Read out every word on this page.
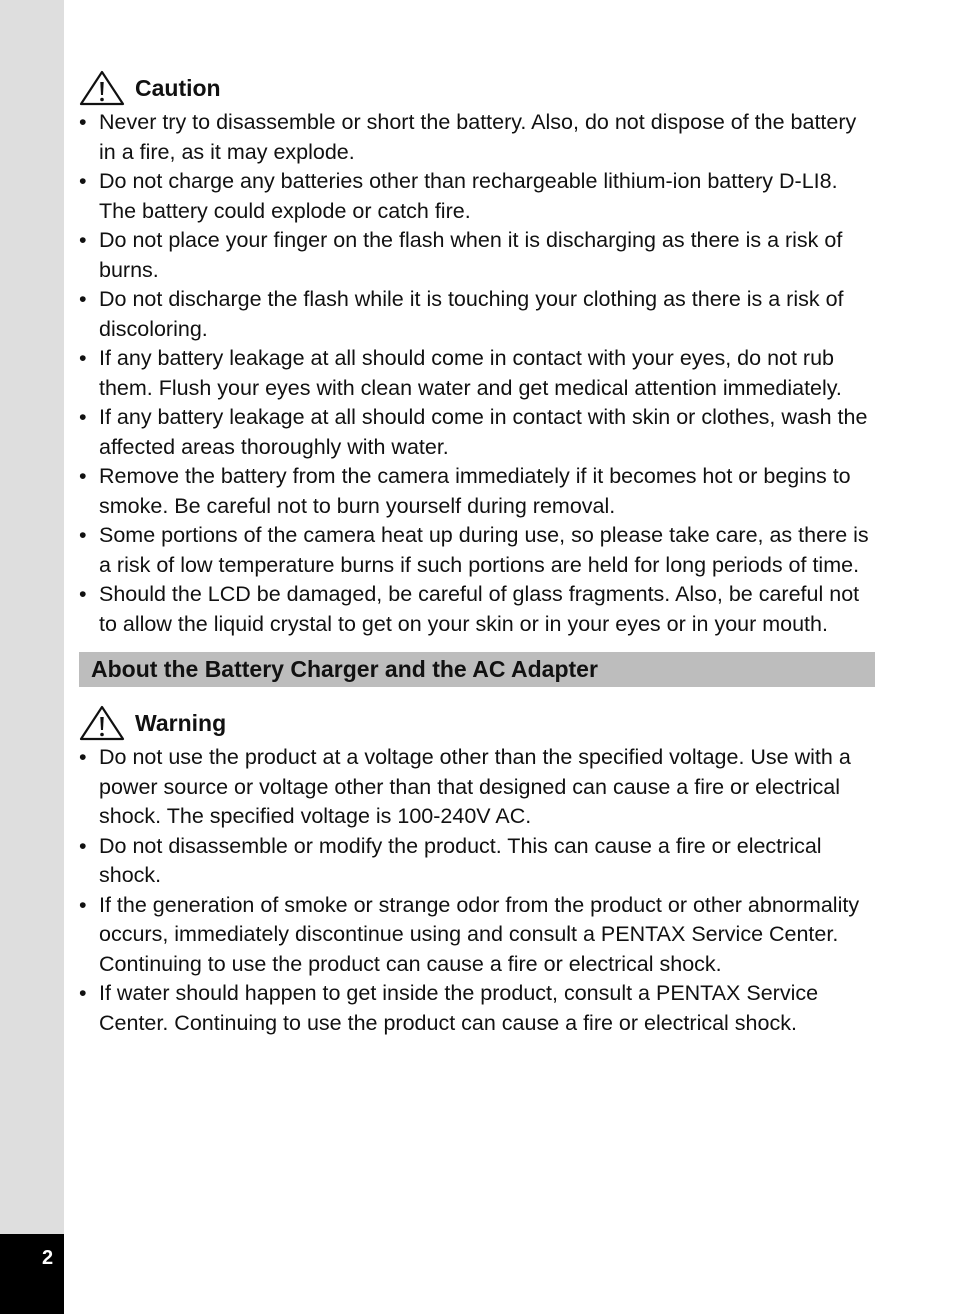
2
Caution
• Never try to disassemble or short the battery. Also, do not dispose of the battery in a fire, as it may explode.
• Do not charge any batteries other than rechargeable lithium-ion battery D-LI8. The battery could explode or catch fire.
• Do not place your finger on the flash when it is discharging as there is a risk of burns.
• Do not discharge the flash while it is touching your clothing as there is a risk of discoloring.
• If any battery leakage at all should come in contact with your eyes, do not rub them. Flush your eyes with clean water and get medical attention immediately.
• If any battery leakage at all should come in contact with skin or clothes, wash the affected areas thoroughly with water.
• Remove the battery from the camera immediately if it becomes hot or begins to smoke. Be careful not to burn yourself during removal.
• Some portions of the camera heat up during use, so please take care, as there is a risk of low temperature burns if such portions are held for long periods of time.
• Should the LCD be damaged, be careful of glass fragments. Also, be careful not to allow the liquid crystal to get on your skin or in your eyes or in your mouth.
About the Battery Charger and the AC Adapter
Warning
• Do not use the product at a voltage other than the specified voltage. Use with a power source or voltage other than that designed can cause a fire or electrical shock. The specified voltage is 100-240V AC.
• Do not disassemble or modify the product. This can cause a fire or electrical shock.
• If the generation of smoke or strange odor from the product or other abnormality occurs, immediately discontinue using and consult a PENTAX Service Center. Continuing to use the product can cause a fire or electrical shock.
• If water should happen to get inside the product, consult a PENTAX Service Center. Continuing to use the product can cause a fire or electrical shock.
